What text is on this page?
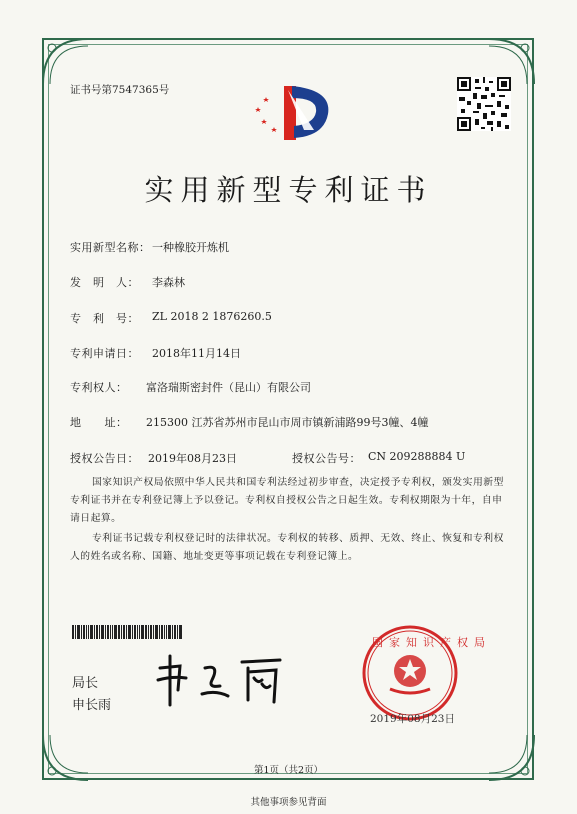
证书号第7547365号
实用新型专利证书
实用新型名称： 一种橡胶开炼机
发　明　人： 李森林
专　利　号： ZL 2018 2 1876260.5
专利申请日： 2018年11月14日
专利权人： 富洛瑞斯密封件（昆山）有限公司
地　　址： 215300 江苏省苏州市昆山市周市镇新浦路99号3幢、4幢
授权公告日： 2019年08月23日	授权公告号： CN 209288884 U
国家知识产权局依照中华人民共和国专利法经过初步审查，决定授予专利权，颁发实用新型专利证书并在专利登记簿上予以登记。专利权自授权公告之日起生效。专利权期限为十年，自申请日起算。
专利证书记载专利权登记时的法律状况。专利权的转移、质押、无效、终止、恢复和专利权人的姓名或名称、国籍、地址变更等事项记载在专利登记簿上。
局长
申长雨
国家知识产权局
2019年08月23日
第1页（共2页）
其他事项参见背面
